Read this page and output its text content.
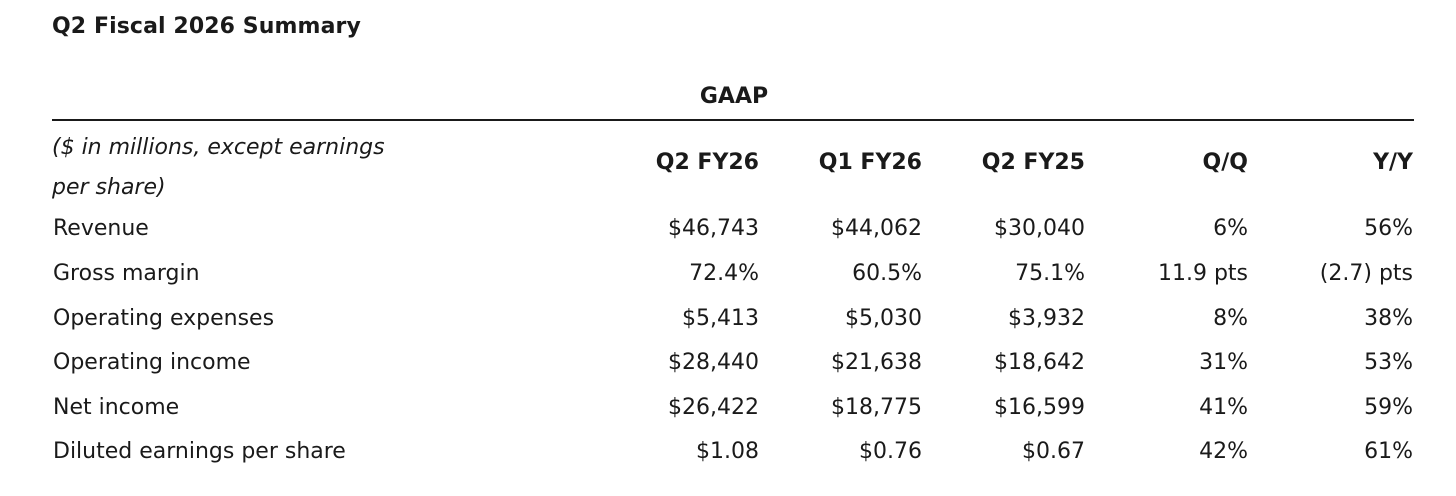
Q2 Fiscal 2026 Summary
GAAP
($ in millions, except earnings per share)
Q2 FY26	Q1 FY26	Q2 FY25	Q/Q	Y/Y
Revenue	$46,743	$44,062	$30,040	6%	56%
Gross margin	72.4%	60.5%	75.1%	11.9 pts	(2.7) pts
Operating expenses	$5,413	$5,030	$3,932	8%	38%
Operating income	$28,440	$21,638	$18,642	31%	53%
Net income	$26,422	$18,775	$16,599	41%	59%
Diluted earnings per share	$1.08	$0.76	$0.67	42%	61%
